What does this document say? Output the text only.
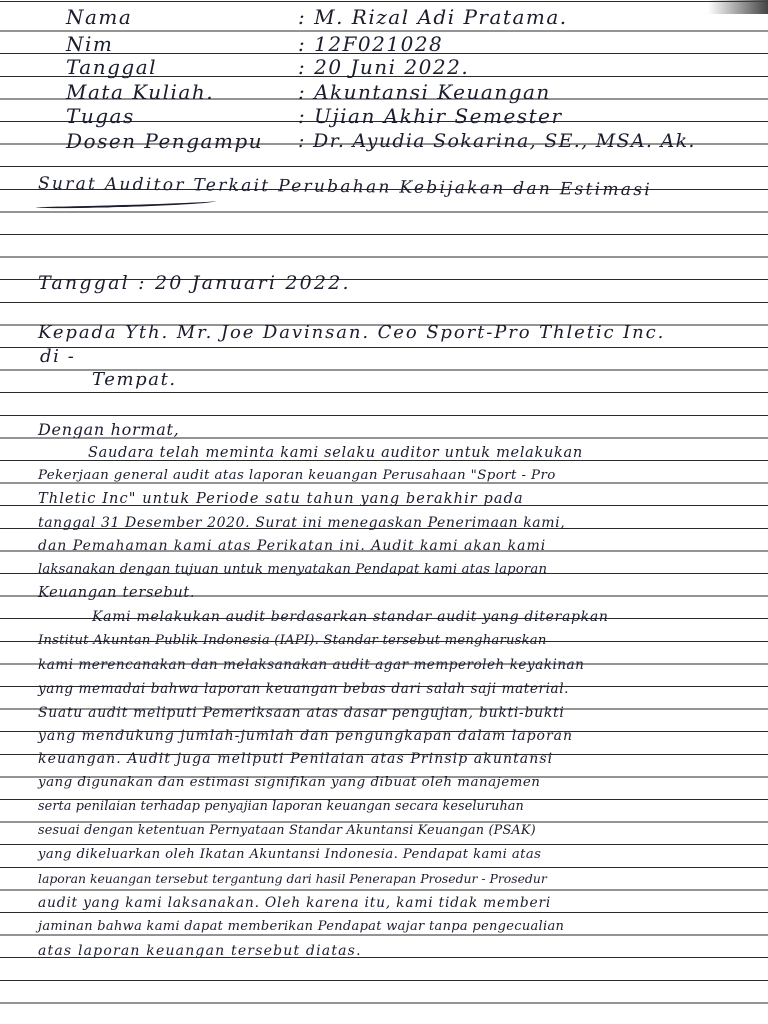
Nama	: M. Rizal Adi Pratama.

Nim	: 12F021028

Tanggal	: 20 Juni 2022.

Mata Kuliah.	: Akuntansi Keuangan

Tugas	: Ujian Akhir Semester

Dosen Pengampu : Dr. Ayudia Sokarina, SE., MSA. Ak.

Surat Auditor Terkait Perubahan Kebijakan dan Estimasi

Tanggal : 20 Januari 2022.

Kepada Yth. Mr. Joe Davinsan. Ceo Sport-Pro Thletic Inc.

di -

Tempat.

Dengan hormat,

Saudara telah meminta kami selaku auditor untuk melakukan

Pekerjaan general audit atas laporan keuangan Perusahaan "Sport - Pro

Thletic Inc" untuk Periode satu tahun yang berakhir pada

tanggal 31 Desember 2020. Surat ini menegaskan Penerimaan kami,

dan Pemahaman kami atas Perikatan ini. Audit kami akan kami

laksanakan dengan tujuan untuk menyatakan Pendapat kami atas laporan

Keuangan tersebut.

Kami melakukan audit berdasarkan standar audit yang diterapkan

Institut Akuntan Publik Indonesia (IAPI). Standar tersebut mengharuskan

kami merencanakan dan melaksanakan audit agar memperoleh keyakinan

yang memadai bahwa laporan keuangan bebas dari salah saji material.

Suatu audit meliputi Pemeriksaan atas dasar pengujian, bukti-bukti

yang mendukung jumlah-jumlah dan pengungkapan dalam laporan

keuangan. Audit juga meliputi Penilaian atas Prinsip akuntansi

yang digunakan dan estimasi signifikan yang dibuat oleh manajemen

serta penilaian terhadap penyajian laporan keuangan secara keseluruhan

sesuai dengan ketentuan Pernyataan Standar Akuntansi Keuangan (PSAK)

yang dikeluarkan oleh Ikatan Akuntansi Indonesia. Pendapat kami atas

laporan keuangan tersebut tergantung dari hasil Penerapan Prosedur - Prosedur

audit yang kami laksanakan. Oleh karena itu, kami tidak memberi

jaminan bahwa kami dapat memberikan Pendapat wajar tanpa pengecualian

atas laporan keuangan tersebut diatas.
